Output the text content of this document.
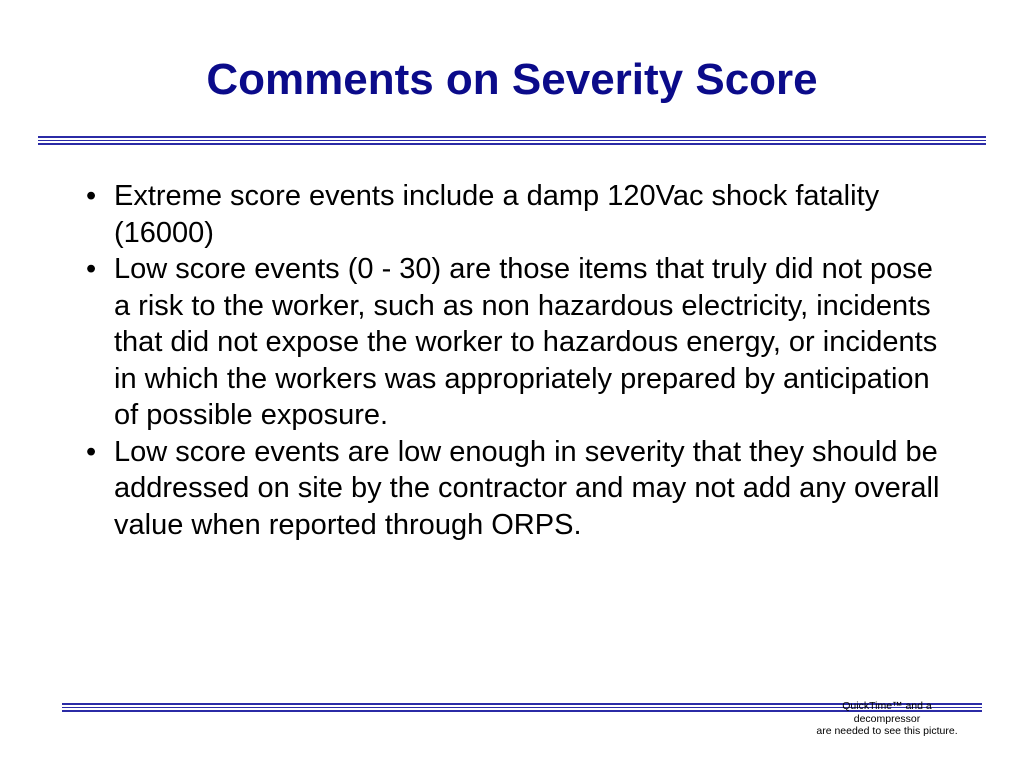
Comments on Severity Score
• Extreme score events include a damp 120Vac shock fatality (16000)
• Low score events (0 - 30) are those items that truly did not pose a risk to the worker, such as non hazardous electricity, incidents that did not expose the worker to hazardous energy, or incidents in which the workers was appropriately prepared by anticipation of possible exposure.
• Low score events are low enough in severity that they should be addressed on site by the contractor and may not add any overall value when reported through ORPS.
QuickTime™ and a
decompressor
are needed to see this picture.
